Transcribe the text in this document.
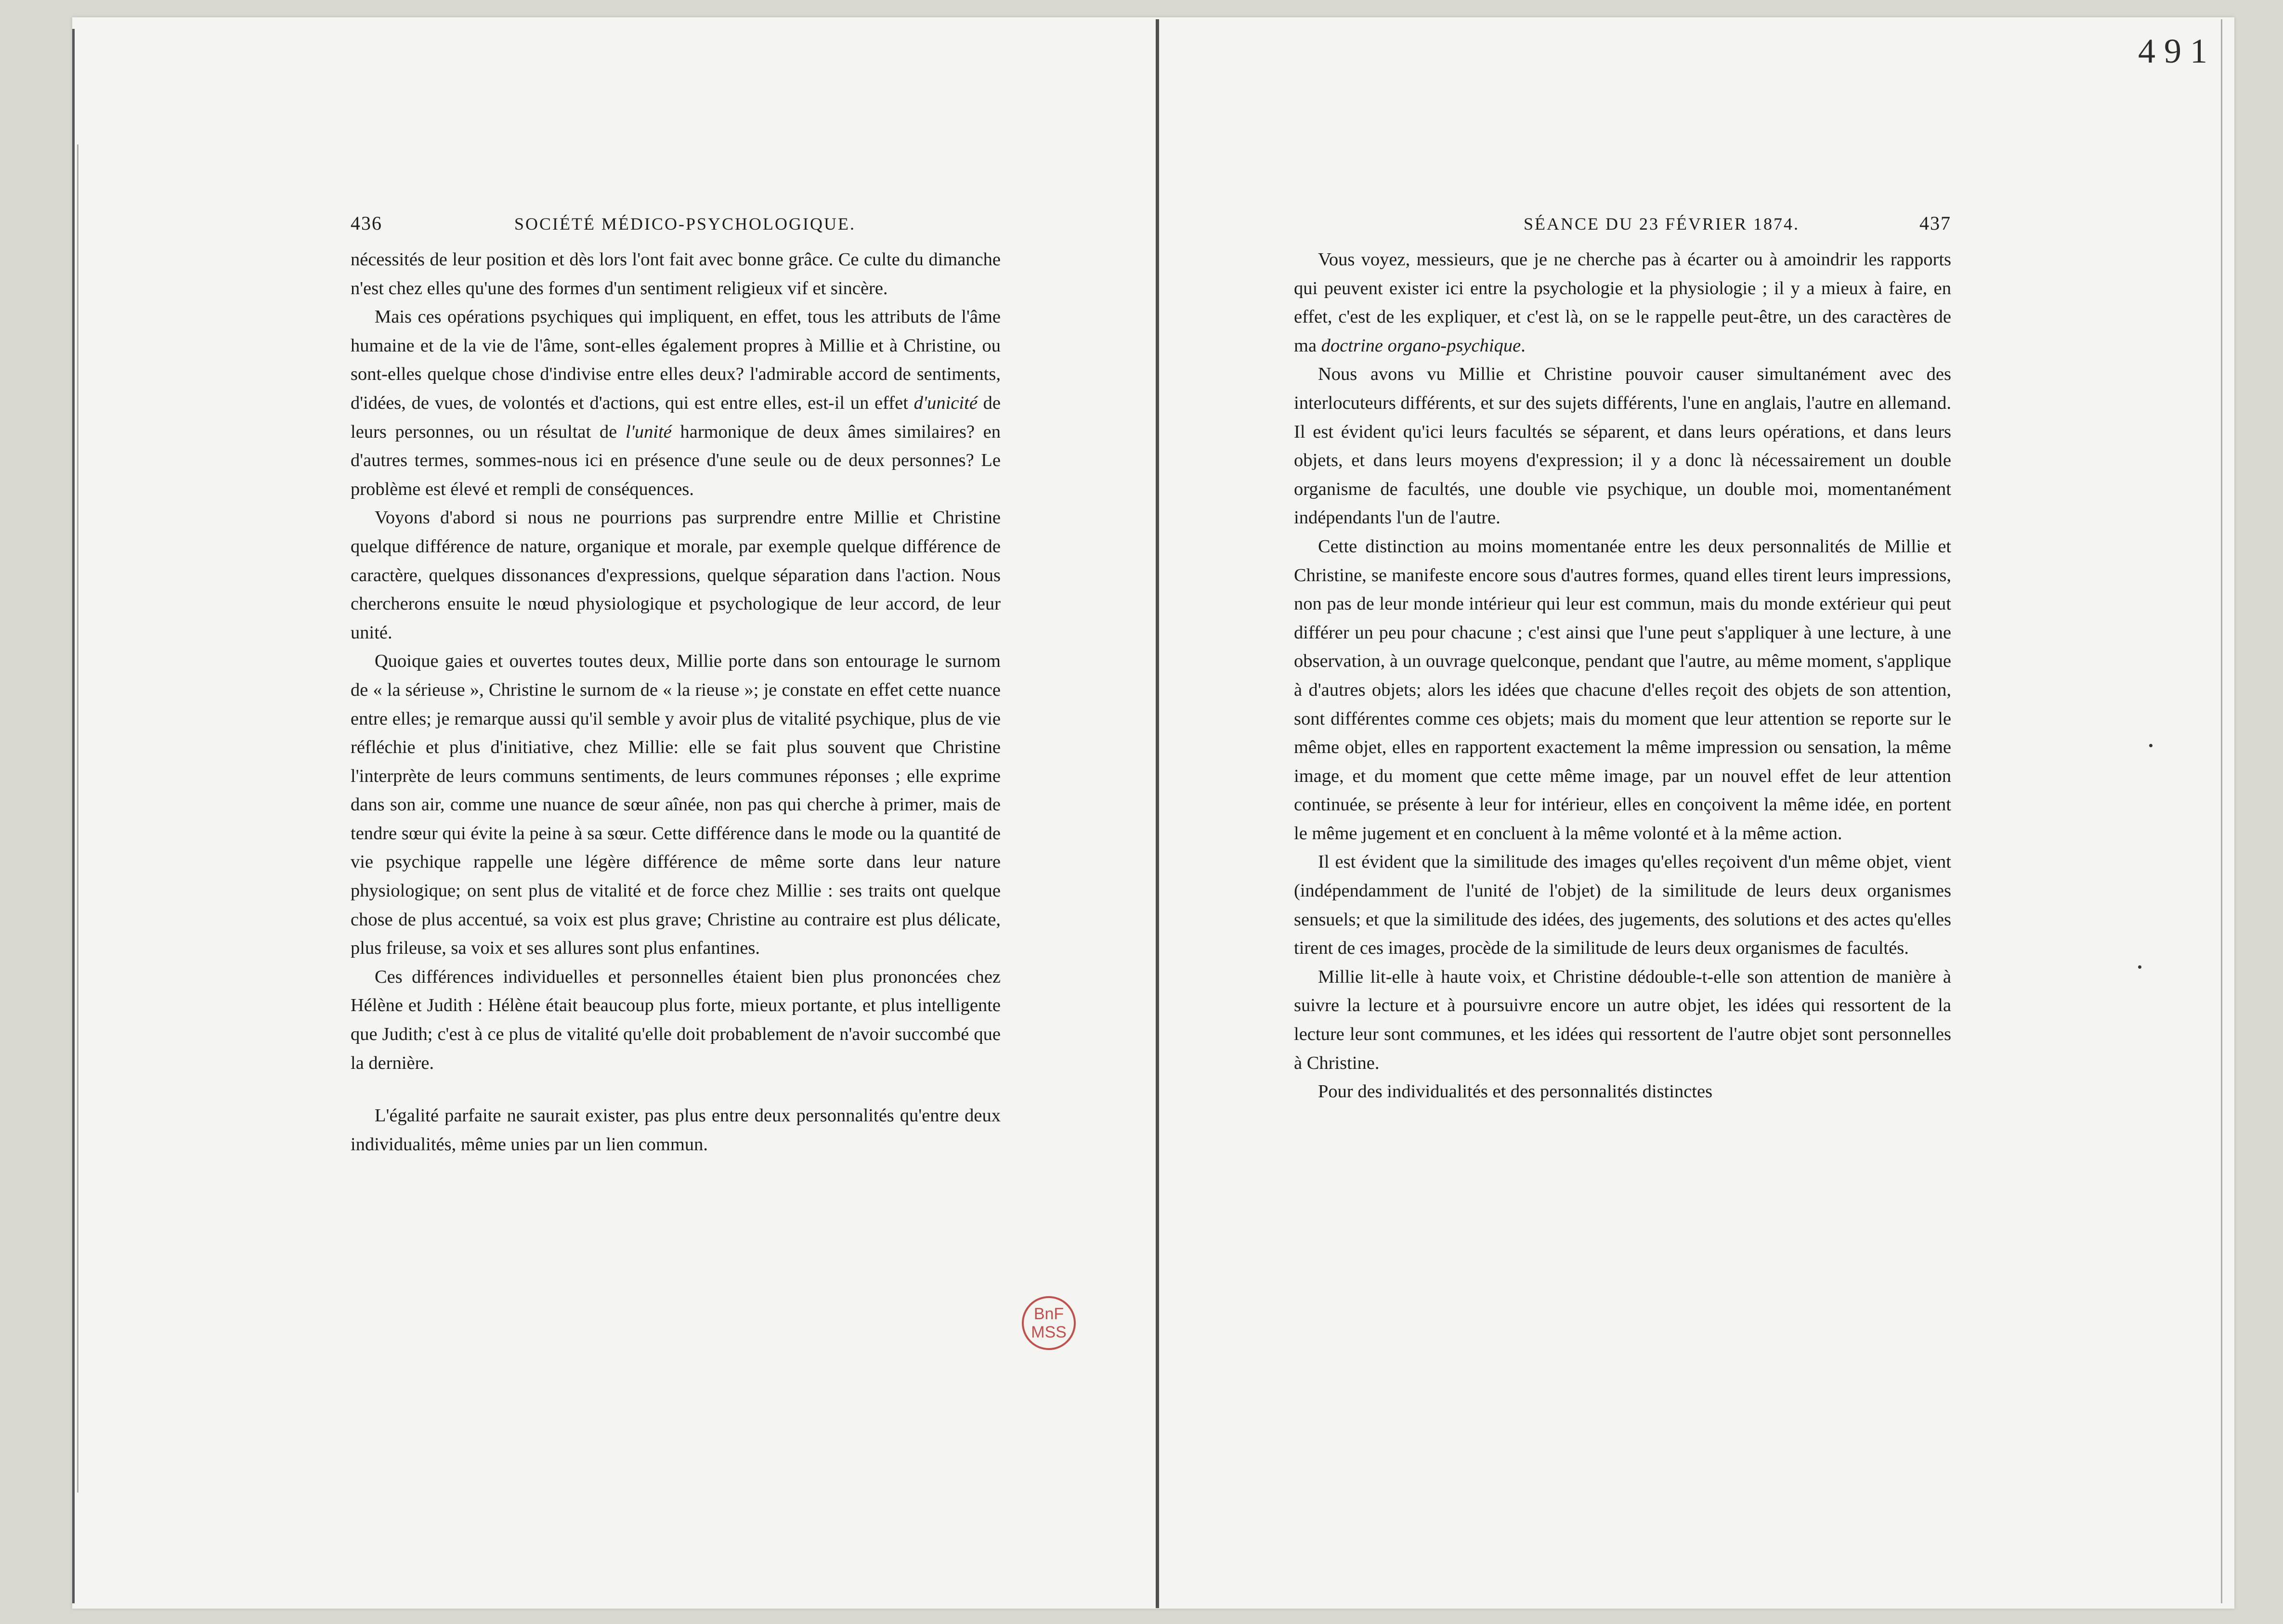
491
436	SOCIÉTÉ MÉDICO-PSYCHOLOGIQUE.

nécessités de leur position et dès lors l'ont fait avec bonne grâce. Ce culte du dimanche n'est chez elles qu'une des formes d'un sentiment religieux vif et sincère.

Mais ces opérations psychiques qui impliquent, en effet, tous les attributs de l'âme humaine et de la vie de l'âme, sont-elles également propres à Millie et à Christine, ou sont-elles quelque chose d'indivise entre elles deux? l'admirable accord de sentiments, d'idées, de vues, de volontés et d'actions, qui est entre elles, est-il un effet d'unicité de leurs personnes, ou un résultat de l'unité harmonique de deux âmes similaires? en d'autres termes, sommes-nous ici en présence d'une seule ou de deux personnes? Le problème est élevé et rempli de conséquences.

Voyons d'abord si nous ne pourrions pas surprendre entre Millie et Christine quelque différence de nature, organique et morale, par exemple quelque différence de caractère, quelques dissonances d'expressions, quelque séparation dans l'action. Nous chercherons ensuite le nœud physiologique et psychologique de leur accord, de leur unité.

Quoique gaies et ouvertes toutes deux, Millie porte dans son entourage le surnom de « la sérieuse », Christine le surnom de « la rieuse »; je constate en effet cette nuance entre elles; je remarque aussi qu'il semble y avoir plus de vitalité psychique, plus de vie réfléchie et plus d'initiative, chez Millie: elle se fait plus souvent que Christine l'interprète de leurs communs sentiments, de leurs communes réponses ; elle exprime dans son air, comme une nuance de sœur aînée, non pas qui cherche à primer, mais de tendre sœur qui évite la peine à sa sœur. Cette différence dans le mode ou la quantité de vie psychique rappelle une légère différence de même sorte dans leur nature physiologique; on sent plus de vitalité et de force chez Millie : ses traits ont quelque chose de plus accentué, sa voix est plus grave; Christine au contraire est plus délicate, plus frileuse, sa voix et ses allures sont plus enfantines.

Ces différences individuelles et personnelles étaient bien plus prononcées chez Hélène et Judith : Hélène était beaucoup plus forte, mieux portante, et plus intelligente que Judith; c'est à ce plus de vitalité qu'elle doit probablement de n'avoir succombé que la dernière.

L'égalité parfaite ne saurait exister, pas plus entre deux personnalités qu'entre deux individualités, même unies par un lien commun.

BnF
MSS
SÉANCE DU 23 FÉVRIER 1874.	437

Vous voyez, messieurs, que je ne cherche pas à écarter ou à amoindrir les rapports qui peuvent exister ici entre la psychologie et la physiologie ; il y a mieux à faire, en effet, c'est de les expliquer, et c'est là, on se le rappelle peut-être, un des caractères de ma doctrine organo-psychique.

Nous avons vu Millie et Christine pouvoir causer simultanément avec des interlocuteurs différents, et sur des sujets différents, l'une en anglais, l'autre en allemand. Il est évident qu'ici leurs facultés se séparent, et dans leurs opérations, et dans leurs objets, et dans leurs moyens d'expression; il y a donc là nécessairement un double organisme de facultés, une double vie psychique, un double moi, momentanément indépendants l'un de l'autre.

Cette distinction au moins momentanée entre les deux personnalités de Millie et Christine, se manifeste encore sous d'autres formes, quand elles tirent leurs impressions, non pas de leur monde intérieur qui leur est commun, mais du monde extérieur qui peut différer un peu pour chacune ; c'est ainsi que l'une peut s'appliquer à une lecture, à une observation, à un ouvrage quelconque, pendant que l'autre, au même moment, s'applique à d'autres objets; alors les idées que chacune d'elles reçoit des objets de son attention, sont différentes comme ces objets; mais du moment que leur attention se reporte sur le même objet, elles en rapportent exactement la même impression ou sensation, la même image, et du moment que cette même image, par un nouvel effet de leur attention continuée, se présente à leur for intérieur, elles en conçoivent la même idée, en portent le même jugement et en concluent à la même volonté et à la même action.

Il est évident que la similitude des images qu'elles reçoivent d'un même objet, vient (indépendamment de l'unité de l'objet) de la similitude de leurs deux organismes sensuels; et que la similitude des idées, des jugements, des solutions et des actes qu'elles tirent de ces images, procède de la similitude de leurs deux organismes de facultés.

Millie lit-elle à haute voix, et Christine dédouble-t-elle son attention de manière à suivre la lecture et à poursuivre encore un autre objet, les idées qui ressortent de la lecture leur sont communes, et les idées qui ressortent de l'autre objet sont personnelles à Christine.

Pour des individualités et des personnalités distinctes
